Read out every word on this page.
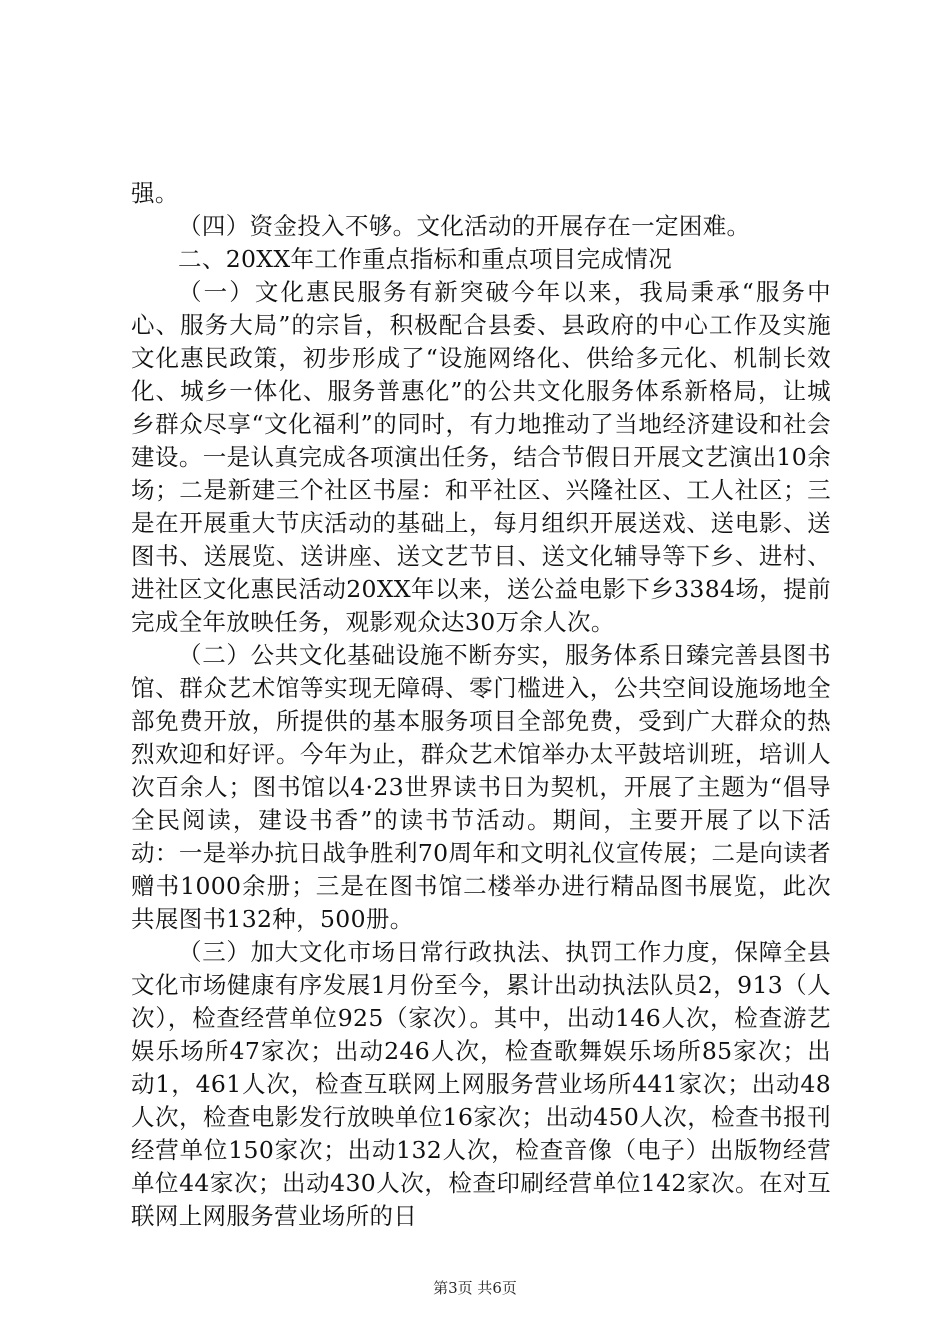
强。

（四）资金投入不够。文化活动的开展存在一定困难。

二、20XX年工作重点指标和重点项目完成情况

（一）文化惠民服务有新突破今年以来，我局秉承“服务中心、服务大局”的宗旨，积极配合县委、县政府的中心工作及实施文化惠民政策，初步形成了“设施网络化、供给多元化、机制长效化、城乡一体化、服务普惠化”的公共文化服务体系新格局，让城乡群众尽享“文化福利”的同时，有力地推动了当地经济建设和社会建设。一是认真完成各项演出任务，结合节假日开展文艺演出10余场；二是新建三个社区书屋：和平社区、兴隆社区、工人社区；三是在开展重大节庆活动的基础上，每月组织开展送戏、送电影、送图书、送展览、送讲座、送文艺节目、送文化辅导等下乡、进村、进社区文化惠民活动20XX年以来，送公益电影下乡3384场，提前完成全年放映任务，观影观众达30万余人次。

（二）公共文化基础设施不断夯实，服务体系日臻完善县图书馆、群众艺术馆等实现无障碍、零门槛进入，公共空间设施场地全部免费开放，所提供的基本服务项目全部免费，受到广大群众的热烈欢迎和好评。今年为止，群众艺术馆举办太平鼓培训班，培训人次百余人；图书馆以4·23世界读书日为契机，开展了主题为“倡导全民阅读，建设书香”的读书节活动。期间，主要开展了以下活动：一是举办抗日战争胜利70周年和文明礼仪宣传展；二是向读者赠书1000余册；三是在图书馆二楼举办进行精品图书展览，此次共展图书132种，500册。

（三）加大文化市场日常行政执法、执罚工作力度，保障全县文化市场健康有序发展1月份至今，累计出动执法队员2，913（人次），检查经营单位925（家次）。其中，出动146人次，检查游艺娱乐场所47家次；出动246人次，检查歌舞娱乐场所85家次；出动1，461人次，检查互联网上网服务营业场所441家次；出动48人次，检查电影发行放映单位16家次；出动450人次，检查书报刊经营单位150家次；出动132人次，检查音像（电子）出版物经营单位44家次；出动430人次，检查印刷经营单位142家次。在对互联网上网服务营业场所的日

第3页 共6页
